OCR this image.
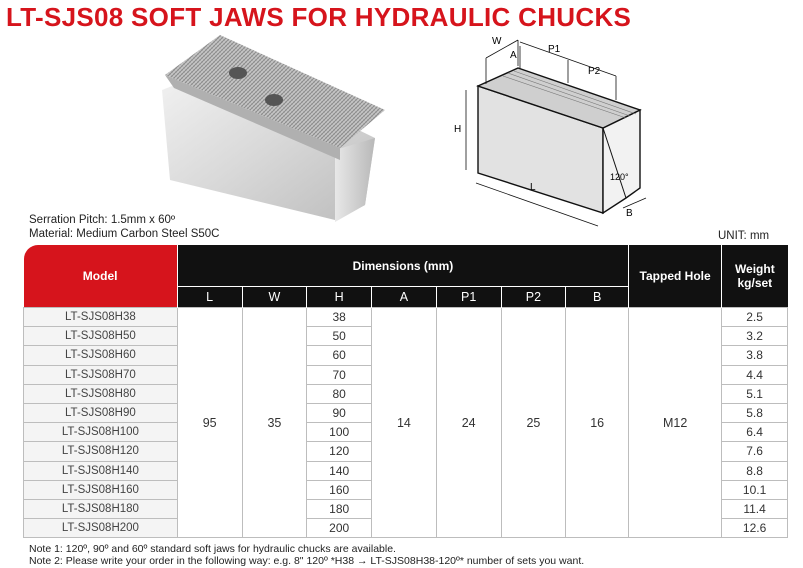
LT-SJS08 SOFT JAWS FOR HYDRAULIC CHUCKS
W
A
P1
P2
H
L
B
120°
Serration Pitch: 1.5mm x 60º
Material: Medium Carbon Steel S50C	UNIT: mm
Model	Dimensions (mm)							Tapped Hole	Weight kg/set
	L	W	H	A	P1	P2	B		
LT-SJS08H38	95	35	38	14	24	25	16	M12	2.5
LT-SJS08H50			50						3.2
LT-SJS08H60			60						3.8
LT-SJS08H70			70						4.4
LT-SJS08H80			80						5.1
LT-SJS08H90			90						5.8
LT-SJS08H100			100						6.4
LT-SJS08H120			120						7.6
LT-SJS08H140			140						8.8
LT-SJS08H160			160						10.1
LT-SJS08H180			180						11.4
LT-SJS08H200			200						12.6
Note 1: 120º, 90º and 60º standard soft jaws for hydraulic chucks are available.
Note 2: Please write your order in the following way: e.g. 8" 120º *H38 → LT-SJS08H38-120º* number of sets you want.
